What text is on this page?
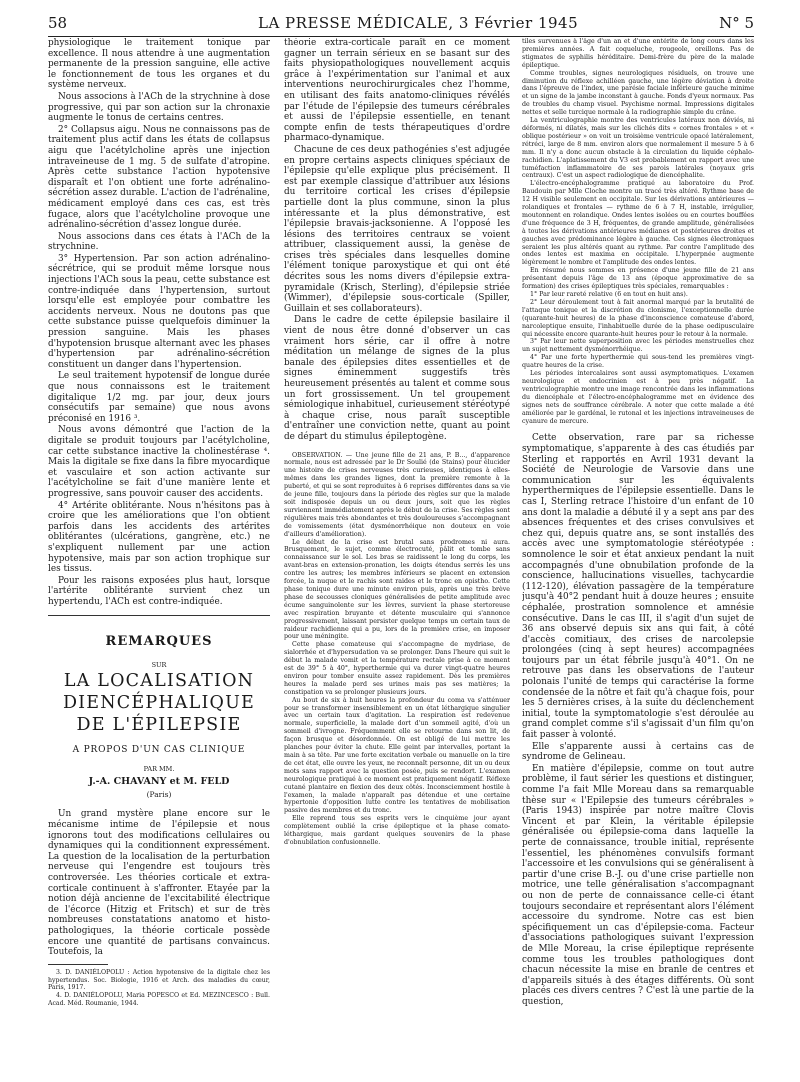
58	LA PRESSE MÉDICALE, 3 Février 1945	N° 5

physiologique le traitement tonique par excellence. Il nous attendre à une augmentation permanente de la pression sanguine, elle active le fonctionnement de tous les organes et du système nerveux.

Nous associons à l'ACh de la strychnine à dose progressive, qui par son action sur la chronaxie augmente le tonus de certains centres.

2° Collapsus aigu. Nous ne connaissons pas de traitement plus actif dans les états de collapsus aigu que l'acétylcholine après une injection intraveineuse de 1 mg. 5 de sulfate d'atropine. Après cette substance l'action hypotensive disparaît et l'on obtient une forte adrénalino-sécrétion assez durable. L'action de l'adrénaline, médicament employé dans ces cas, est très fugace, alors que l'acétylcholine provoque une adrénalino-sécrétion d'assez longue durée.

Nous associons dans ces états à l'ACh de la strychnine.

3° Hypertension. Par son action adrénalino-sécrétrice, qui se produit même lorsque nous injections l'ACh sous la peau, cette substance est contre-indiquée dans l'hypertension, surtout lorsqu'elle est employée pour combattre les accidents nerveux. Nous ne doutons pas que cette substance puisse quelquefois diminuer la pression sanguine. Mais les phases d'hypotension brusque alternant avec les phases d'hypertension par adrénalino-sécrétion constituent un danger dans l'hypertension.

Le seul traitement hypotensif de longue durée que nous connaissons est le traitement digitalique 1/2 mg. par jour, deux jours consécutifs par semaine) que nous avons préconisé en 1916 ³.

Nous avons démontré que l'action de la digitale se produit toujours par l'acétylcholine, car cette substance inactive la cholinestérase ⁴. Mais la digitale se fixe dans la fibre myocardique et vasculaire et son action activante sur l'acétylcholine se fait d'une manière lente et progressive, sans pouvoir causer des accidents.

4° Artérite oblitérante. Nous n'hésitons pas à croire que les améliorations que l'on obtient parfois dans les accidents des artérites oblitérantes (ulcérations, gangrène, etc.) ne s'expliquent nullement par une action hypotensive, mais par son action trophique sur les tissus.

Pour les raisons exposées plus haut, lorsque l'artérite oblitérante survient chez un hypertendu, l'ACh est contre-indiquée.

REMARQUES
SUR
LA LOCALISATION
DIENCÉPHALIQUE
DE L'ÉPILEPSIE
A PROPOS D'UN CAS CLINIQUE
PAR MM.
J.-A. CHAVANY et M. FELD
(Paris)

Un grand mystère plane encore sur le mécanisme intime de l'épilepsie et nous ignorons tout des modifications cellulaires ou dynamiques qui la conditionnent expressément. La question de la localisation de la perturbation nerveuse qui l'engendre est toujours très controversée. Les théories corticale et extra-corticale continuent à s'affronter. Etayée par la notion déjà ancienne de l'excitabilité électrique de l'écorce (Hitzig et Fritsch) et sur de très nombreuses constatations anatomo et histo-pathologiques, la théorie corticale possède encore une quantité de partisans convaincus. Toutefois, la

3. D. DANIÉLOPOLU : Action hypotensive de la digitale chez les hypertendus. Soc. Biologie, 1916 et Arch. des maladies du cœur, Paris, 1917.

4. D. DANIÉLOPOLU, Maria POPESCO et Ed. MEZINCESCO : Bull. Acad. Méd. Roumanie, 1944.

théorie extra-corticale paraît en ce moment gagner un terrain sérieux en se basant sur des faits physiopathologiques nouvellement acquis grâce à l'expérimentation sur l'animal et aux interventions neurochirurgicales chez l'homme, en utilisant des faits anatomo-cliniques révélés par l'étude de l'épilepsie des tumeurs cérébrales et aussi de l'épilepsie essentielle, en tenant compte enfin de tests thérapeutiques d'ordre pharmaco-dynamique.

Chacune de ces deux pathogénies s'est adjugée en propre certains aspects cliniques spéciaux de l'épilepsie qu'elle explique plus précisément. Il est par exemple classique d'attribuer aux lésions du territoire cortical les crises d'épilepsie partielle dont la plus commune, sinon la plus intéressante et la plus démonstrative, est l'épilepsie bravais-jacksonienne. A l'opposé les lésions des territoires centraux se voient attribuer, classiquement aussi, la genèse de crises très spéciales dans lesquelles domine l'élément tonique paroxystique et qui ont été décrites sous les noms divers d'épilepsie extra-pyramidale (Krisch, Sterling), d'épilepsie striée (Wimmer), d'épilepsie sous-corticale (Spiller, Guillain et ses collaborateurs).

Dans le cadre de cette épilepsie basilaire il vient de nous être donné d'observer un cas vraiment hors série, car il offre à notre méditation un mélange de signes de la plus banale des épilepsies dites essentielles et de signes éminemment suggestifs très heureusement présentés au talent et comme sous un fort grossissement. Un tel groupement sémiologique inhabituel, curieusement stéréotypé à chaque crise, nous paraît susceptible d'entraîner une conviction nette, quant au point de départ du stimulus épileptogène.

OBSERVATION. — Une jeune fille de 21 ans, P. B..., d'apparence normale, nous est adressée par le Dr Soulié (de Stains) pour élucider une histoire de crises nerveuses très curieuses, identiques à elles-mêmes dans les grandes lignes, dont la première remonte à la puberté, et qui se sont reproduites à 6 reprises différentes dans sa vie de jeune fille, toujours dans la période des règles sur que la malade soit indisposée depuis un ou deux jours, soit que les règles surviennent immédiatement après le début de la crise. Ses règles sont régulières mais très abondantes et très douloureuses s'accompagnant de vomissements (état dysménorrhéique non douteux en voie d'ailleurs d'amélioration).

Le début de la crise est brutal sans prodromes ni aura. Brusquement, le sujet, comme électrocuté, pâlit et tombe sans connaissance sur le sol. Les bras se raidissent le long du corps, les avant-bras en extension-pronation, les doigts étendus serrés les uns contre les autres; les membres inférieurs se placent en extension forcée, la nuque et le rachis sont raides et le tronc en opistho. Cette phase tonique dure une minute environ puis, après une très brève phase de secousses cloniques généralisées de petite amplitude avec écume sanguinolente sur les lèvres, survient la phase stertoreuse avec respiration bruyante et détente musculaire qui s'annonce progressivement, laissant persister quelque temps un certain taux de raideur rachidienne qui a pu, lors de la première crise, en imposer pour une méningite.

Cette phase comateuse qui s'accompagne de mydriase, de sialorrhée et d'hypersudation va se prolonger. Dans l'heure qui suit le début la malade vomit et la température rectale prise à ce moment est de 39° 5 à 40°, hyperthermie qui va durer vingt-quatre heures environ pour tomber ensuite assez rapidement. Dès les premières heures la malade perd ses urines mais pas ses matières; la constipation va se prolonger plusieurs jours.

Au bout de six à huit heures la profondeur du coma va s'atténuer pour se transformer insensiblement en un état léthargique singulier avec un certain taux d'agitation. La respiration est redevenue normale, superficielle, la malade dort d'un sommeil agité, d'où un sommeil d'ivrogne. Fréquemment elle se retourne dans son lit, de façon brusque et désordonnée. On est obligé de lui mettre les planches pour éviter la chute. Elle geint par intervalles, portant la main à sa tête. Par une forte excitation verbale ou manuelle on la tire de cet état, elle ouvre les yeux, ne reconnaît personne, dit un ou deux mots sans rapport avec la question posée, puis se rendort. L'examen neurologique pratiqué à ce moment est pratiquement négatif. Réflexe cutané plantaire en flexion des deux côtés. Inconsciemment hostile à l'examen, la malade n'apparaît pas détendue et une certaine hypertonie d'opposition lutte contre les tentatives de mobilisation passive des membres et du tronc.

Elle reprend tous ses esprits vers le cinquième jour ayant complètement oublié la crise épileptique et la phase comato-léthargique, mais gardant quelques souvenirs de la phase d'obnubilation confusionnelle.

tiles survenues à l'âge d'un an et d'une entérite de long cours dans les premières années. A fait coqueluche, rougeole, oreillons. Pas de stigmates de syphilis héréditaire. Demi-frère du père de la malade épileptique.

Comme troubles, signes neurologiques résiduels, on trouve une diminution du réflexe achilléen gauche, une légère déviation à droite dans l'épreuve de l'index, une parésie faciale inférieure gauche minime et un signe de la jambe inconstant à gauche. Fonds d'yeux normaux. Pas de troubles du champ visuel. Psychisme normal. Impressions digitales nettes et selle turcique normale à la radiographie simple du crâne.

La ventriculographie montre des ventricules latéraux non déviés, ni déformés, ni dilatés, mais sur les clichés dits « cornes frontales » et « oblique postérieur » on voit un troisième ventricule opacé latéralement, rétréci, large de 8 mm. environ alors que normalement il mesure 5 à 6 mm. Il n'y a donc aucun obstacle à la circulation du liquide céphalo-rachidien. L'aplatissement du V3 est probablement en rapport avec une tuméfaction inflammatoire de ses parois latérales (noyaux gris centraux). C'est un aspect radiologique de diencéphalite.

L'électro-encéphalogramme pratiqué au laboratoire du Prof. Baudouin par Mlle Cloche montre un tracé très altéré. Rythme base de 12 H visible seulement en occipitale. Sur les dérivations antérieures — rolandiques et frontales — rythme de 6 à 7 H, instable, irrégulier, moutonnent en rolandique. Ondes lentes isolées ou en courtes bouffées d'une fréquence de 3 H, fréquentes, de grande amplitude, généralisées à toutes les dérivations antérieures médianes et postérieures droites et gauches avec prédominance légère à gauche. Ces signes électroniques seraient les plus altérés quant au rythme. Par contre l'amplitude des ondes lentes est maxima en occipitale. L'hyperpnée augmente légèrement le nombre et l'amplitude des ondes lentes.

En résumé nous sommes en présence d'une jeune fille de 21 ans présentant depuis l'âge de 13 ans (époque approximative de sa formation) des crises épileptiques très spéciales, remarquables :

1° Par leur rareté relative (6 en tout en huit ans).

2° Leur déroulement tout à fait anormal marqué par la brutalité de l'attaque tonique et la discrétion du clonisme, l'exceptionnelle durée (quarante-huit heures) de la phase d'inconscience comateuse d'abord, narcoleptique ensuite, l'inhabituelle durée de la phase oedipusculaire qui nécessite encore quarante-huit heures pour le retour à la normale.

3° Par leur nette superposition avec les périodes menstruelles chez un sujet nettement dysménorrhéique.

4° Par une forte hyperthermie qui sous-tend les premières vingt-quatre heures de la crise.

Les périodes intercalaires sont aussi asymptomatiques. L'examen neurologique et endocrinien est à peu près négatif. La ventriculographie montre une image rencontrée dans les inflammations du diencéphale et l'électro-encéphalogramme met en évidence des signes nets de souffrance cérébrale. A noter que cette malade a été améliorée par le gardénal, le rutonal et les injections intraveineuses de cyanure de mercure.

Cette observation, rare par sa richesse symptomatique, s'apparente à des cas étudiés par Sterling et rapportés en Avril 1931 devant la Société de Neurologie de Varsovie dans une communication sur les équivalents hyperthermiques de l'épilepsie essentielle. Dans le cas I, Sterling retrace l'histoire d'un enfant de 10 ans dont la maladie a débuté il y a sept ans par des absences fréquentes et des crises convulsives et chez qui, depuis quatre ans, se sont installés des accès avec une symptomatologie stéréotypée : somnolence le soir et état anxieux pendant la nuit accompagnés d'une obnubilation profonde de la conscience, hallucinations visuelles, tachycardie (112-120), élévation passagère de la température jusqu'à 40°2 pendant huit à douze heures ; ensuite céphalée, prostration somnolence et amnésie consécutive. Dans le cas III, il s'agit d'un sujet de 36 ans observé depuis six ans qui fait, à côté d'accès comitiaux, des crises de narcolepsie prolongées (cinq à sept heures) accompagnées toujours par un état fébrile jusqu'à 40°1. On ne retrouve pas dans les observations de l'auteur polonais l'unité de temps qui caractérise la forme condensée de la nôtre et fait qu'à chaque fois, pour les 5 dernières crises, à la suite du déclenchement initial, toute la symptomatologie s'est déroulée au grand complet comme s'il s'agissait d'un film qu'on fait passer à volonté.

Elle s'apparente aussi à certains cas de syndrome de Gelineau.

En matière d'épilepsie, comme on tout autre problème, il faut sérier les questions et distinguer, comme l'a fait Mlle Moreau dans sa remarquable thèse sur « l'Epilepsie des tumeurs cérébrales » (Paris 1943) inspirée par notre maître Clovis Vincent et par Klein, la véritable épilepsie généralisée ou épilepsie-coma dans laquelle la perte de connaissance, trouble initial, représente l'essentiel, les phénomènes convulsifs formant l'accessoire et les convulsions qui se généralisent à partir d'une crise B.-J. ou d'une crise partielle non motrice, une telle généralisation s'accompagnant ou non de perte de connaissance celle-ci étant toujours secondaire et représentant alors l'élément accessoire du syndrome. Notre cas est bien spécifiquement un cas d'épilepsie-coma. Facteur d'associations pathologiques suivant l'expression de Mlle Moreau, la crise épileptique représente comme tous les troubles pathologiques dont chacun nécessite la mise en branle de centres et d'appareils situés à des étages différents. Où sont placés ces divers centres ? C'est là une partie de la question,
